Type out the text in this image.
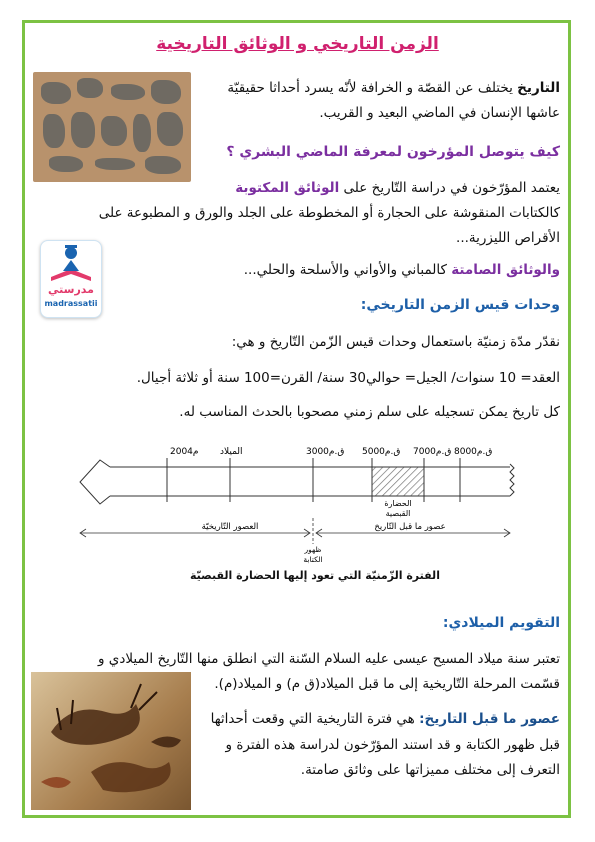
الزمن التاريخي و الوثائق التاريخية
التاريخ يختلف عن القصّة و الخرافة لأنّه يسرد أحداثا حقيقيّة
عاشها الإنسان في الماضي البعيد و القريب.
كيف يتوصل المؤرخون لمعرفة الماضي البشري ؟
يعتمد المؤرّخون في دراسة التّاريخ على الوثائق المكتوبة
كالكتابات المنقوشة على الحجارة أو المخطوطة على الجلد والورق و المطبوعة على
الأقراص الليزرية...
مدرستي
madrassatii
والوثائق الصامتة كالمباني والأواني والأسلحة والحلي...
وحدات قيس الزمن التاريخي:
نقدّر مدّة زمنيّة باستعمال وحدات قيس الزّمن التّاريخ و هي:
العقد= 10 سنوات/ الجيل= حوالي30 سنة/ القرن=100 سنة أو ثلاثة أجيال.
كل تاريخ يمكن تسجيله على سلم زمني مصحوبا بالحدث المناسب له.
2004م الميلاد	3000ق.م 5000ق.م 7000ق.م 8000ق.م
الحضارة
القبصية
العصور التّاريخيّة	عصور ما قبل التّاريخ
ظهور
الكتابة
الفترة الزّمنيّة التي تعود إليها الحضارة القبصيّة
التقويم الميلادي:
تعتبر سنة ميلاد المسيح عيسى عليه السلام السّنة التي انطلق منها التّاريخ الميلادي و
قسّمت المرحلة التّاريخية إلى ما قبل الميلاد(ق م) و الميلاد(م).
عصور ما قبل التاريخ: هي فترة التاريخية التي وقعت أحداثها
قبل ظهور الكتابة و قد استند المؤرّخون لدراسة هذه الفترة و
التعرف إلى مختلف مميزاتها على وثائق صامتة.
